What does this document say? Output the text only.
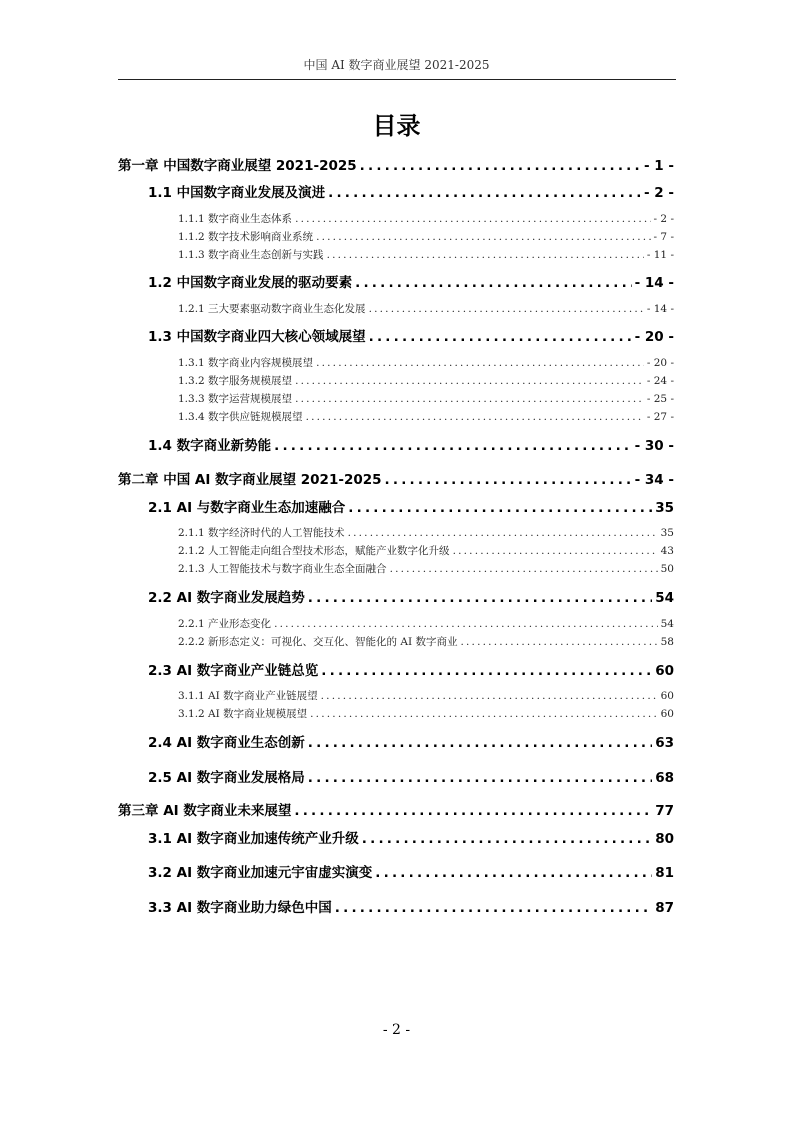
中国 AI 数字商业展望 2021-2025
目录
第一章 中国数字商业展望 2021-2025 .....	- 1 -
1.1 中国数字商业发展及演进 .....	- 2 -
1.1.1 数字商业生态体系 .....	- 2 -
1.1.2 数字技术影响商业系统 .....	- 7 -
1.1.3 数字商业生态创新与实践 .....	- 11 -
1.2 中国数字商业发展的驱动要素 .....	- 14 -
1.2.1 三大要素驱动数字商业生态化发展 .....	- 14 -
1.3 中国数字商业四大核心领域展望 .....	- 20 -
1.3.1 数字商业内容规模展望 .....	- 20 -
1.3.2 数字服务规模展望 .....	- 24 -
1.3.3 数字运营规模展望 .....	- 25 -
1.3.4 数字供应链规模展望 .....	- 27 -
1.4 数字商业新势能 .....	- 30 -
第二章 中国 AI 数字商业展望 2021-2025 .....	- 34 -
2.1 AI 与数字商业生态加速融合 .....	35
2.1.1 数字经济时代的人工智能技术 .....	35
2.1.2 人工智能走向组合型技术形态，赋能产业数字化升级 .....	43
2.1.3 人工智能技术与数字商业生态全面融合 .....	50
2.2 AI 数字商业发展趋势 .....	54
2.2.1 产业形态变化 .....	54
2.2.2 新形态定义：可视化、交互化、智能化的 AI 数字商业 .....	58
2.3 AI 数字商业产业链总览 .....	60
3.1.1 AI 数字商业产业链展望 .....	60
3.1.2 AI 数字商业规模展望 .....	60
2.4 AI 数字商业生态创新 .....	63
2.5 AI 数字商业发展格局 .....	68
第三章 AI 数字商业未来展望 .....	77
3.1 AI 数字商业加速传统产业升级 .....	80
3.2 AI 数字商业加速元宇宙虚实演变 .....	81
3.3 AI 数字商业助力绿色中国 .....	87
- 2 -
